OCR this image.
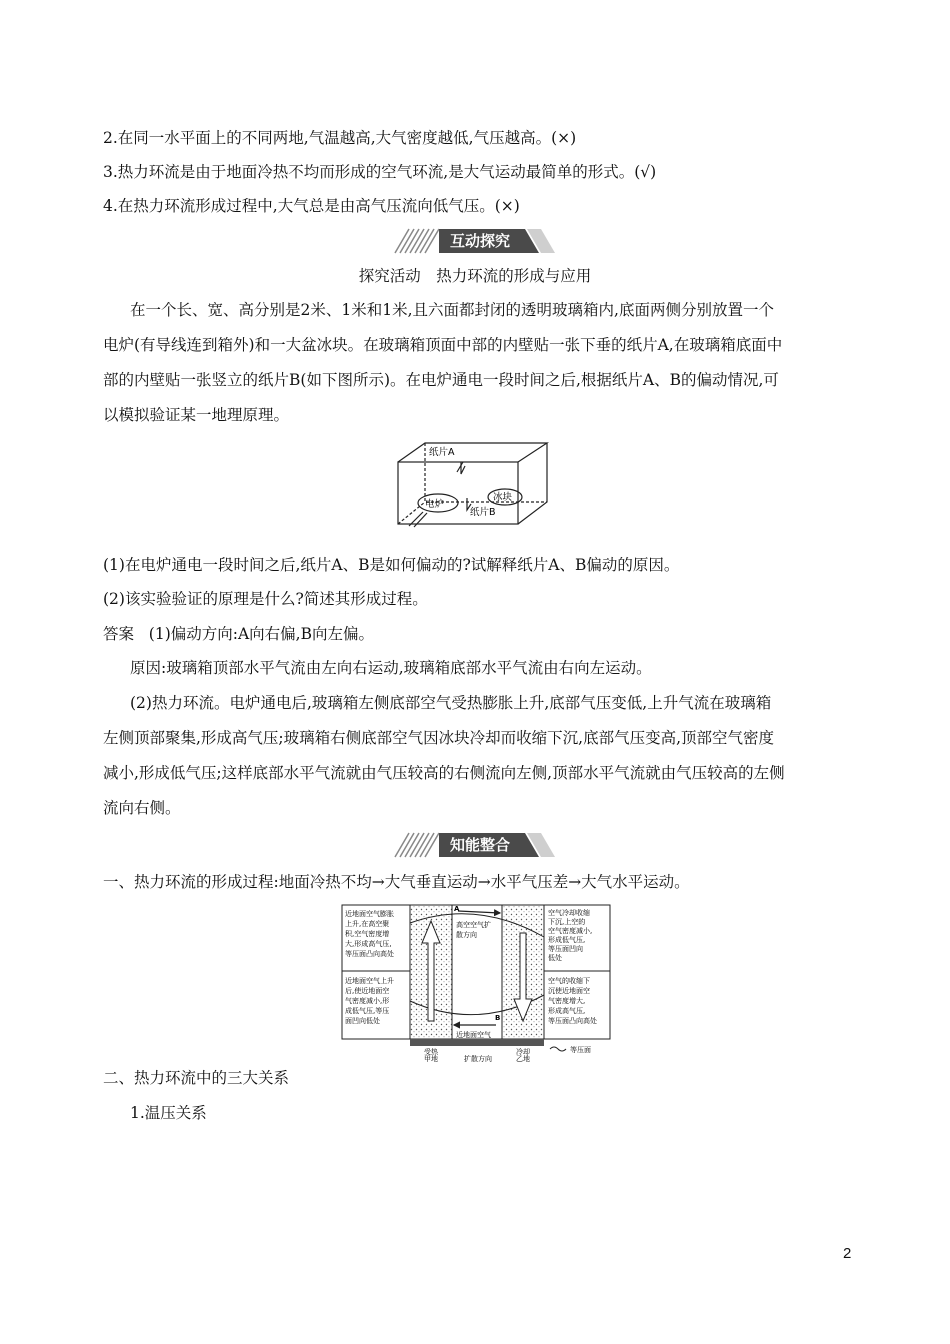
2.在同一水平面上的不同两地,气温越高,大气密度越低,气压越高。(×)
3.热力环流是由于地面冷热不均而形成的空气环流,是大气运动最简单的形式。(√)
4.在热力环流形成过程中,大气总是由高气压流向低气压。(×)
互动探究
探究活动　热力环流的形成与应用
在一个长、宽、高分别是2米、1米和1米,且六面都封闭的透明玻璃箱内,底面两侧分别放置一个
电炉(有导线连到箱外)和一大盆冰块。在玻璃箱顶面中部的内壁贴一张下垂的纸片A,在玻璃箱底面中
部的内壁贴一张竖立的纸片B(如下图所示)。在电炉通电一段时间之后,根据纸片A、B的偏动情况,可
以模拟验证某一地理原理。
纸片A
电炉
冰块
纸片B
(1)在电炉通电一段时间之后,纸片A、B是如何偏动的?试解释纸片A、B偏动的原因。
(2)该实验验证的原理是什么?简述其形成过程。
答案 (1)偏动方向:A向右偏,B向左偏。
原因:玻璃箱顶部水平气流由左向右运动,玻璃箱底部水平气流由右向左运动。
(2)热力环流。电炉通电后,玻璃箱左侧底部空气受热膨胀上升,底部气压变低,上升气流在玻璃箱
左侧顶部聚集,形成高气压;玻璃箱右侧底部空气因冰块冷却而收缩下沉,底部气压变高,顶部空气密度
减小,形成低气压;这样底部水平气流就由气压较高的右侧流向左侧,顶部水平气流就由气压较高的左侧
流向右侧。
知能整合
一、热力环流的形成过程:地面冷热不均→大气垂直运动→水平气压差→大气水平运动。
A
B
近地面空气膨胀
上升,在高空聚
积,空气密度增
大,形成高气压,
等压面凸向高处
近地面空气上升
后,使近地面空
气密度减小,形
成低气压,等压
面凹向低处
空气冷却收缩
下沉,上空的
空气密度减小,
形成低气压,
等压面凹向
低处
空气的收缩下
沉使近地面空
气密度增大,
形成高气压,
等压面凸向高处
高空空气扩
散方向
近地面空气
受热	冷却
甲地	乙地
扩散方向
等压面
二、热力环流中的三大关系
1.温压关系
2
